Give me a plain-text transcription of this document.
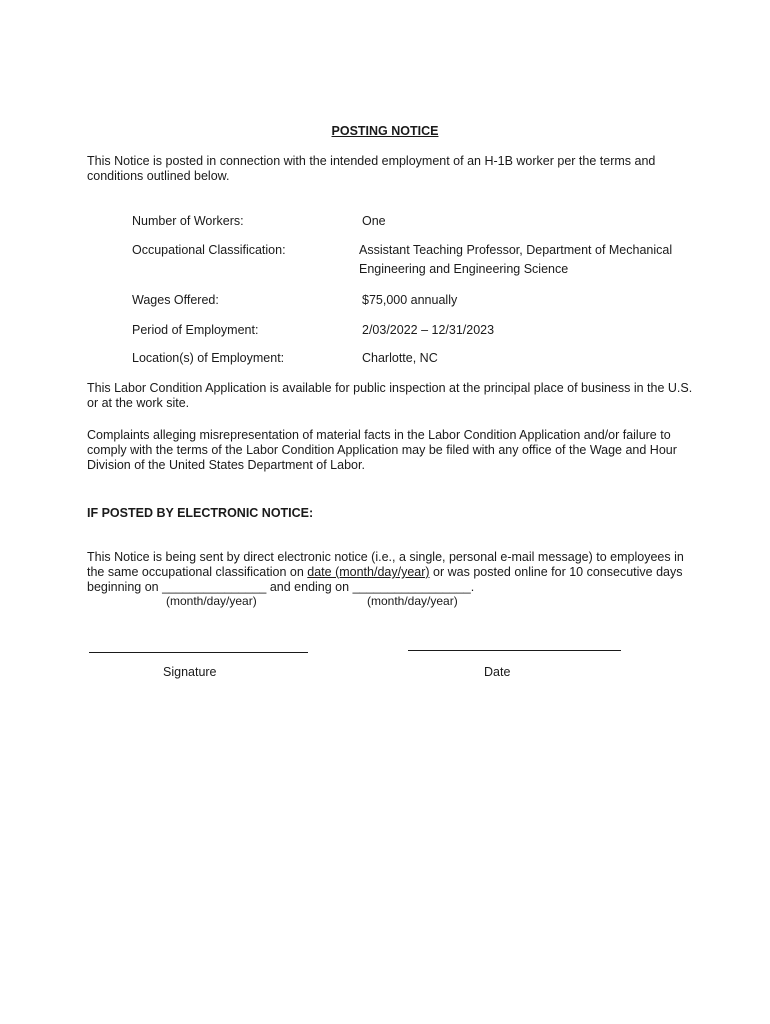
POSTING NOTICE
This Notice is posted in connection with the intended employment of an H-1B worker per the terms and conditions outlined below.
Number of Workers:	One
Occupational Classification:	Assistant Teaching Professor, Department of Mechanical Engineering and Engineering Science
Wages Offered:	$75,000 annually
Period of Employment:	2/03/2022 – 12/31/2023
Location(s) of Employment:	Charlotte, NC
This Labor Condition Application is available for public inspection at the principal place of business in the U.S. or at the work site.
Complaints alleging misrepresentation of material facts in the Labor Condition Application and/or failure to comply with the terms of the Labor Condition Application may be filed with any office of the Wage and Hour Division of the United States Department of Labor.
IF POSTED BY ELECTRONIC NOTICE:
This Notice is being sent by direct electronic notice (i.e., a single, personal e-mail message) to employees in the same occupational classification on date (month/day/year) or was posted online for 10 consecutive days beginning on _______________ and ending on _________________.
(month/day/year)	(month/day/year)
Signature	Date
